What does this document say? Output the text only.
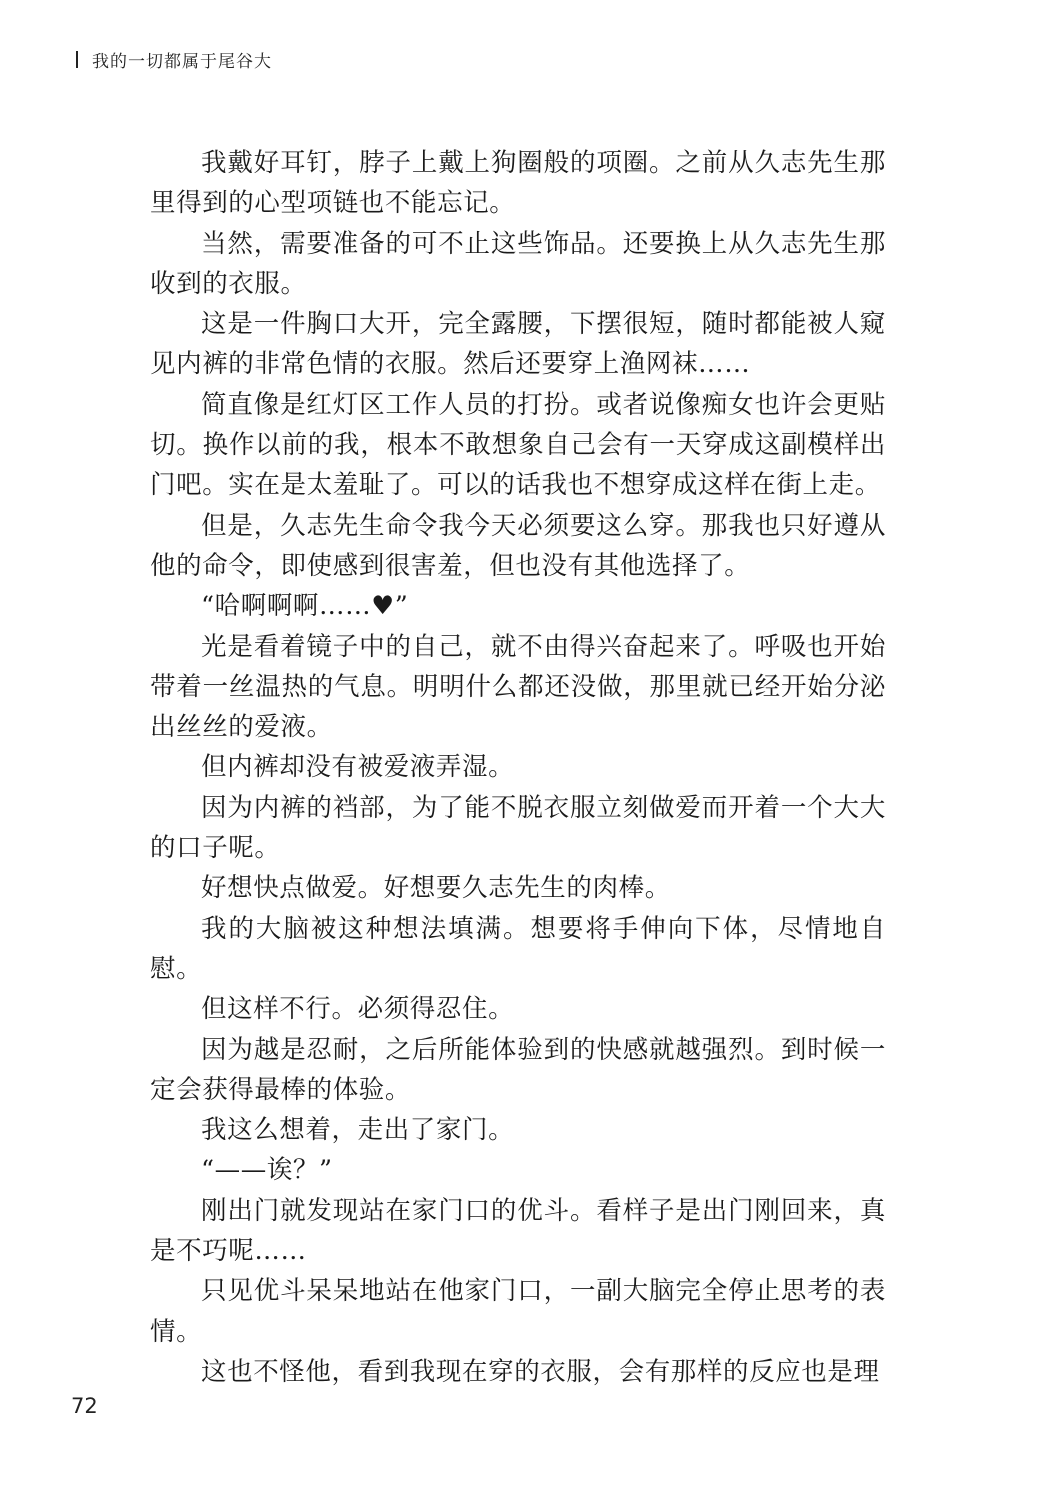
我的一切都属于尾谷大

我戴好耳钉，脖子上戴上狗圈般的项圈。之前从久志先生那里得到的心型项链也不能忘记。

当然，需要准备的可不止这些饰品。还要换上从久志先生那收到的衣服。

这是一件胸口大开，完全露腰，下摆很短，随时都能被人窥见内裤的非常色情的衣服。然后还要穿上渔网袜……

简直像是红灯区工作人员的打扮。或者说像痴女也许会更贴切。换作以前的我，根本不敢想象自己会有一天穿成这副模样出门吧。实在是太羞耻了。可以的话我也不想穿成这样在街上走。

但是，久志先生命令我今天必须要这么穿。那我也只好遵从他的命令，即使感到很害羞，但也没有其他选择了。

“哈啊啊啊……♥”

光是看着镜子中的自己，就不由得兴奋起来了。呼吸也开始带着一丝温热的气息。明明什么都还没做，那里就已经开始分泌出丝丝的爱液。

但内裤却没有被爱液弄湿。

因为内裤的裆部，为了能不脱衣服立刻做爱而开着一个大大的口子呢。

好想快点做爱。好想要久志先生的肉棒。

我的大脑被这种想法填满。想要将手伸向下体，尽情地自慰。

但这样不行。必须得忍住。

因为越是忍耐，之后所能体验到的快感就越强烈。到时候一定会获得最棒的体验。

我这么想着，走出了家门。

“——诶？”

刚出门就发现站在家门口的优斗。看样子是出门刚回来，真是不巧呢……

只见优斗呆呆地站在他家门口，一副大脑完全停止思考的表情。

这也不怪他，看到我现在穿的衣服，会有那样的反应也是理

72
